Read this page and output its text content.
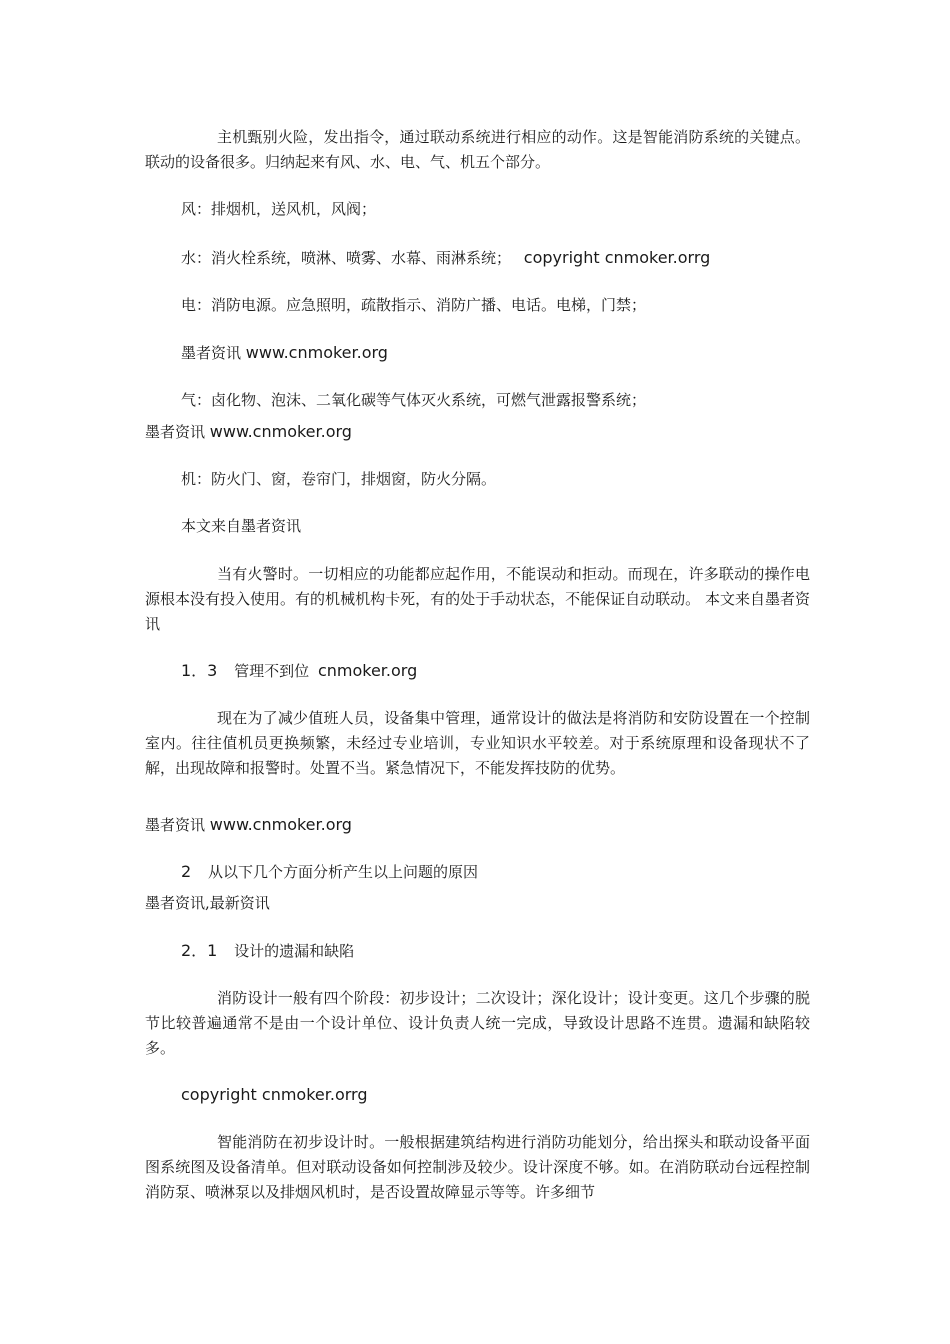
主机甄别火险，发出指令，通过联动系统进行相应的动作。这是智能消防系统的关键点。联动的设备很多。归纳起来有风、水、电、气、机五个部分。
风：排烟机，送风机，风阀；
水：消火栓系统，喷淋、喷雾、水幕、雨淋系统； copyright cnmoker.orrg
电：消防电源。应急照明，疏散指示、消防广播、电话。电梯，门禁；
墨者资讯 www.cnmoker.org
气：卤化物、泡沫、二氧化碳等气体灭火系统，可燃气泄露报警系统；
墨者资讯 www.cnmoker.org
机：防火门、窗，卷帘门，排烟窗，防火分隔。
本文来自墨者资讯
当有火警时。一切相应的功能都应起作用，不能误动和拒动。而现在，许多联动的操作电源根本没有投入使用。有的机械机构卡死，有的处于手动状态，不能保证自动联动。 本文来自墨者资讯
1．3 管理不到位 cnmoker.org
现在为了减少值班人员，设备集中管理，通常设计的做法是将消防和安防设置在一个控制室内。往往值机员更换频繁，未经过专业培训，专业知识水平较差。对于系统原理和设备现状不了解，出现故障和报警时。处置不当。紧急情况下，不能发挥技防的优势。
墨者资讯 www.cnmoker.org
2 从以下几个方面分析产生以上问题的原因
墨者资讯,最新资讯
2．1 设计的遗漏和缺陷
消防设计一般有四个阶段：初步设计；二次设计；深化设计；设计变更。这几个步骤的脱节比较普遍通常不是由一个设计单位、设计负责人统一完成，导致设计思路不连贯。遗漏和缺陷较多。
copyright cnmoker.orrg
智能消防在初步设计时。一般根据建筑结构进行消防功能划分，给出探头和联动设备平面图系统图及设备清单。但对联动设备如何控制涉及较少。设计深度不够。如。在消防联动台远程控制消防泵、喷淋泵以及排烟风机时，是否设置故障显示等等。许多细节
